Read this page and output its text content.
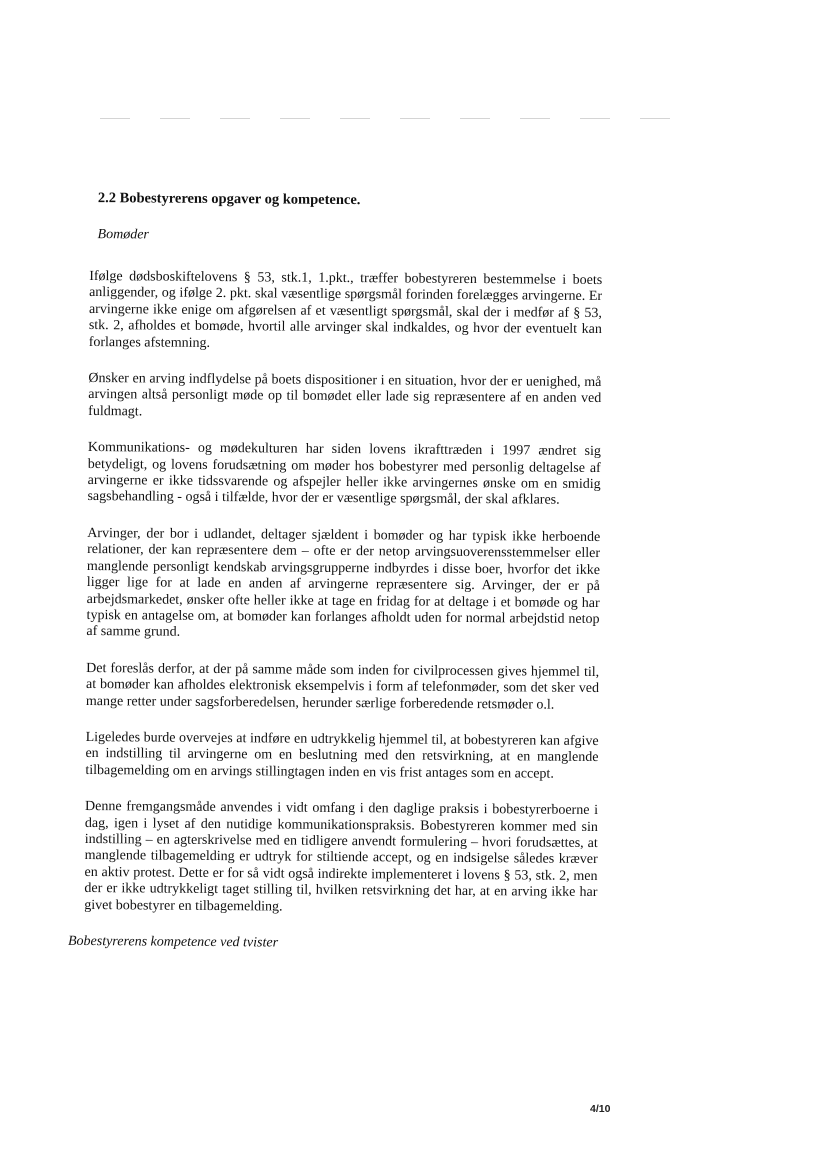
2.2 Bobestyrerens opgaver og kompetence.
Bomøder

Ifølge dødsboskiftelovens § 53, stk.1, 1.pkt., træffer bobestyreren bestemmelse i boets anliggender, og ifølge 2. pkt. skal væsentlige spørgsmål forinden forelægges arvingerne. Er arvingerne ikke enige om afgørelsen af et væsentligt spørgsmål, skal der i medfør af § 53, stk. 2, afholdes et bomøde, hvortil alle arvinger skal indkaldes, og hvor der eventuelt kan forlanges afstemning.

Ønsker en arving indflydelse på boets dispositioner i en situation, hvor der er uenighed, må arvingen altså personligt møde op til bomødet eller lade sig repræsentere af en anden ved fuldmagt.

Kommunikations- og mødekulturen har siden lovens ikrafttræden i 1997 ændret sig betydeligt, og lovens forudsætning om møder hos bobestyrer med personlig deltagelse af arvingerne er ikke tidssvarende og afspejler heller ikke arvingernes ønske om en smidig sagsbehandling - også i tilfælde, hvor der er væsentlige spørgsmål, der skal afklares.

Arvinger, der bor i udlandet, deltager sjældent i bomøder og har typisk ikke herboende relationer, der kan repræsentere dem – ofte er der netop arvingsuoverensstemmelser eller manglende personligt kendskab arvingsgrupperne indbyrdes i disse boer, hvorfor det ikke ligger lige for at lade en anden af arvingerne repræsentere sig. Arvinger, der er på arbejdsmarkedet, ønsker ofte heller ikke at tage en fridag for at deltage i et bomøde og har typisk en antagelse om, at bomøder kan forlanges afholdt uden for normal arbejdstid netop af samme grund.

Det foreslås derfor, at der på samme måde som inden for civilprocessen gives hjemmel til, at bomøder kan afholdes elektronisk eksempelvis i form af telefonmøder, som det sker ved mange retter under sagsforberedelsen, herunder særlige forberedende retsmøder o.l.

Ligeledes burde overvejes at indføre en udtrykkelig hjemmel til, at bobestyreren kan afgive en indstilling til arvingerne om en beslutning med den retsvirkning, at en manglende tilbagemelding om en arvings stillingtagen inden en vis frist antages som en accept.

Denne fremgangsmåde anvendes i vidt omfang i den daglige praksis i bobestyrerboerne i dag, igen i lyset af den nutidige kommunikationspraksis. Bobestyreren kommer med sin indstilling – en agterskrivelse med en tidligere anvendt formulering – hvori forudsættes, at manglende tilbagemelding er udtryk for stiltiende accept, og en indsigelse således kræver en aktiv protest. Dette er for så vidt også indirekte implementeret i lovens § 53, stk. 2, men der er ikke udtrykkeligt taget stilling til, hvilken retsvirkning det har, at en arving ikke har givet bobestyrer en tilbagemelding.

Bobestyrerens kompetence ved tvister
4/10
